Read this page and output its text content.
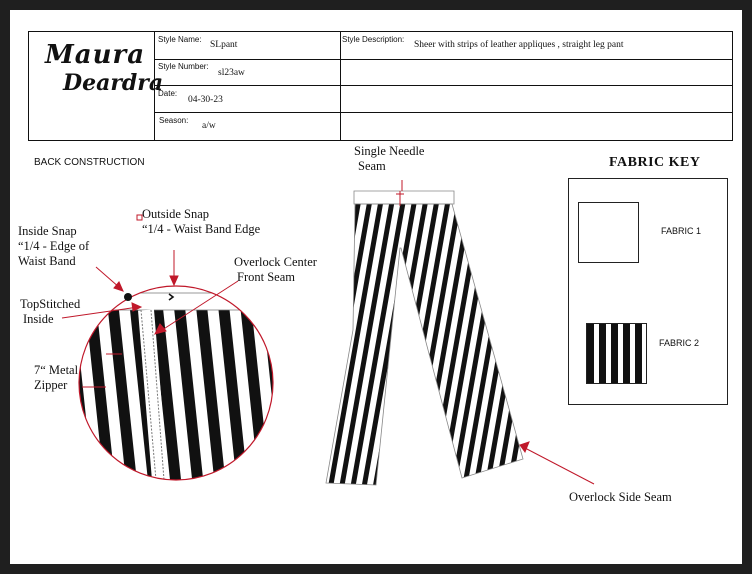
Maura
Deardra
Style Name:
SLpant
Style Description:
Sheer with strips of leather appliques , straight leg pant
Style Number:
sl23aw
Date:
04-30-23
Season:
a/w
BACK CONSTRUCTION
Outside Snap
“1/4 - Waist Band Edge
Inside Snap
“1/4 - Edge of
Waist Band
TopStitched
Inside
7“ Metal
Zipper
Overlock Center
Front Seam
Single Needle
Seam
Overlock Side Seam
FABRIC KEY
FABRIC 1
FABRIC 2
